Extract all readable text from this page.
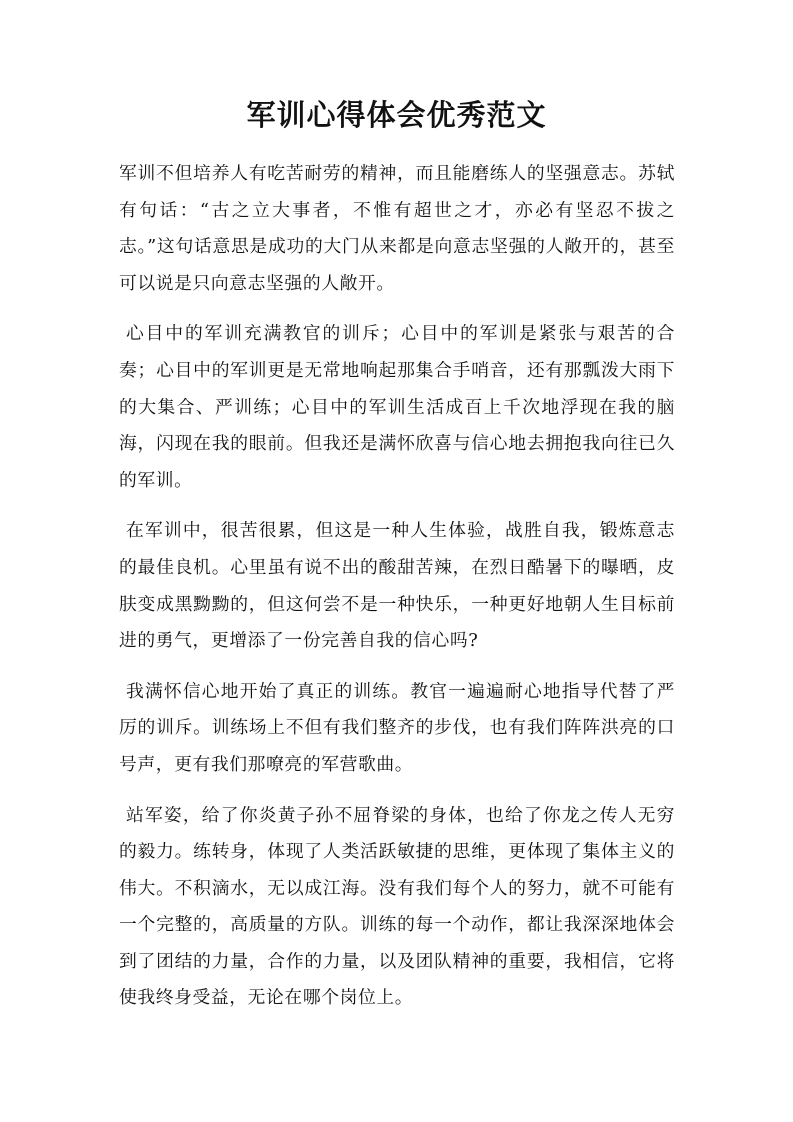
军训心得体会优秀范文

军训不但培养人有吃苦耐劳的精神，而且能磨练人的坚强意志。苏轼有句话：“古之立大事者，不惟有超世之才，亦必有坚忍不拔之志。”这句话意思是成功的大门从来都是向意志坚强的人敞开的，甚至可以说是只向意志坚强的人敞开。

心目中的军训充满教官的训斥；心目中的军训是紧张与艰苦的合奏；心目中的军训更是无常地响起那集合手哨音，还有那瓢泼大雨下的大集合、严训练；心目中的军训生活成百上千次地浮现在我的脑海，闪现在我的眼前。但我还是满怀欣喜与信心地去拥抱我向往已久的军训。

在军训中，很苦很累，但这是一种人生体验，战胜自我，锻炼意志的最佳良机。心里虽有说不出的酸甜苦辣，在烈日酷暑下的曝晒，皮肤变成黑黝黝的，但这何尝不是一种快乐，一种更好地朝人生目标前进的勇气，更增添了一份完善自我的信心吗?

我满怀信心地开始了真正的训练。教官一遍遍耐心地指导代替了严厉的训斥。训练场上不但有我们整齐的步伐，也有我们阵阵洪亮的口号声，更有我们那嘹亮的军营歌曲。

站军姿，给了你炎黄子孙不屈脊梁的身体，也给了你龙之传人无穷的毅力。练转身，体现了人类活跃敏捷的思维，更体现了集体主义的伟大。不积滴水，无以成江海。没有我们每个人的努力，就不可能有一个完整的，高质量的方队。训练的每一个动作，都让我深深地体会到了团结的力量，合作的力量，以及团队精神的重要，我相信，它将使我终身受益，无论在哪个岗位上。
